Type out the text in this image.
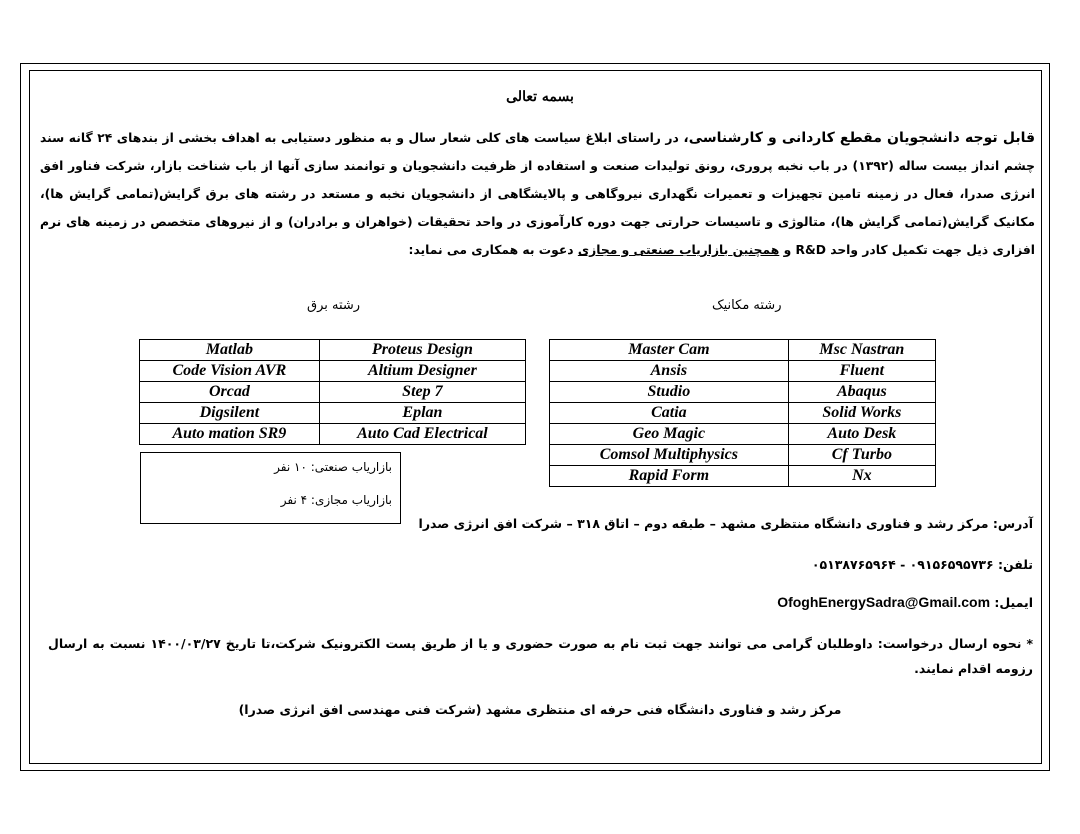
بسمه تعالی
قابل توجه دانشجویان مقطع کاردانی و کارشناسی، در راستای ابلاغ سیاست های کلی شعار سال و به منظور دستیابی به اهداف بخشی از بندهای ۲۴ گانه سند چشم انداز بیست ساله (۱۳۹۲) در باب نخبه پروری، رونق تولیدات صنعت و استفاده از ظرفیت دانشجویان و توانمند سازی آنها از باب شناخت بازار، شرکت فناور افق انرژی صدرا، فعال در زمینه تامین تجهیزات و تعمیرات نگهداری نیروگاهی و پالایشگاهی از دانشجویان نخبه و مستعد در رشته های برق گرایش(تمامی گرایش ها)، مکانیک گرایش(تمامی گرایش ها)، متالوژی و تاسیسات حرارتی جهت دوره کارآموزی در واحد تحقیقات (خواهران و برادران) و از نیروهای متخصص در زمینه های نرم افزاری ذیل جهت تکمیل کادر واحد R&D و همچنین بازاریاب صنعتی و مجازی دعوت به همکاری می نماید:
رشته مکانیک
رشته برق
Master Cam	Msc Nastran
Ansis	Fluent
Studio	Abaqus
Catia	Solid Works
Geo Magic	Auto Desk
Comsol Multiphysics	Cf Turbo
Rapid Form	Nx
Matlab	Proteus Design
Code Vision AVR	Altium Designer
Orcad	Step 7
Digsilent	Eplan
Auto mation SR9	Auto Cad Electrical
بازاریاب صنعتی: ۱۰ نفر
بازاریاب مجازی: ۴ نفر
آدرس: مرکز رشد و فناوری دانشگاه منتظری مشهد – طبقه دوم – اتاق ۳۱۸ – شرکت افق انرژی صدرا
تلفن: ۰۹۱۵۶۵۹۵۷۳۶ - ۰۵۱۳۸۷۶۵۹۶۴
ایمیل: OfoghEnergySadra@Gmail.com
* نحوه ارسال درخواست: داوطلبان گرامی می توانند جهت ثبت نام به صورت حضوری و یا از طریق پست الکترونیک شرکت،تا تاریخ ۱۴۰۰/۰۳/۲۷ نسبت به ارسال رزومه اقدام نمایند.
مرکز رشد و فناوری دانشگاه فنی حرفه ای منتظری مشهد (شرکت فنی مهندسی افق انرژی صدرا)
